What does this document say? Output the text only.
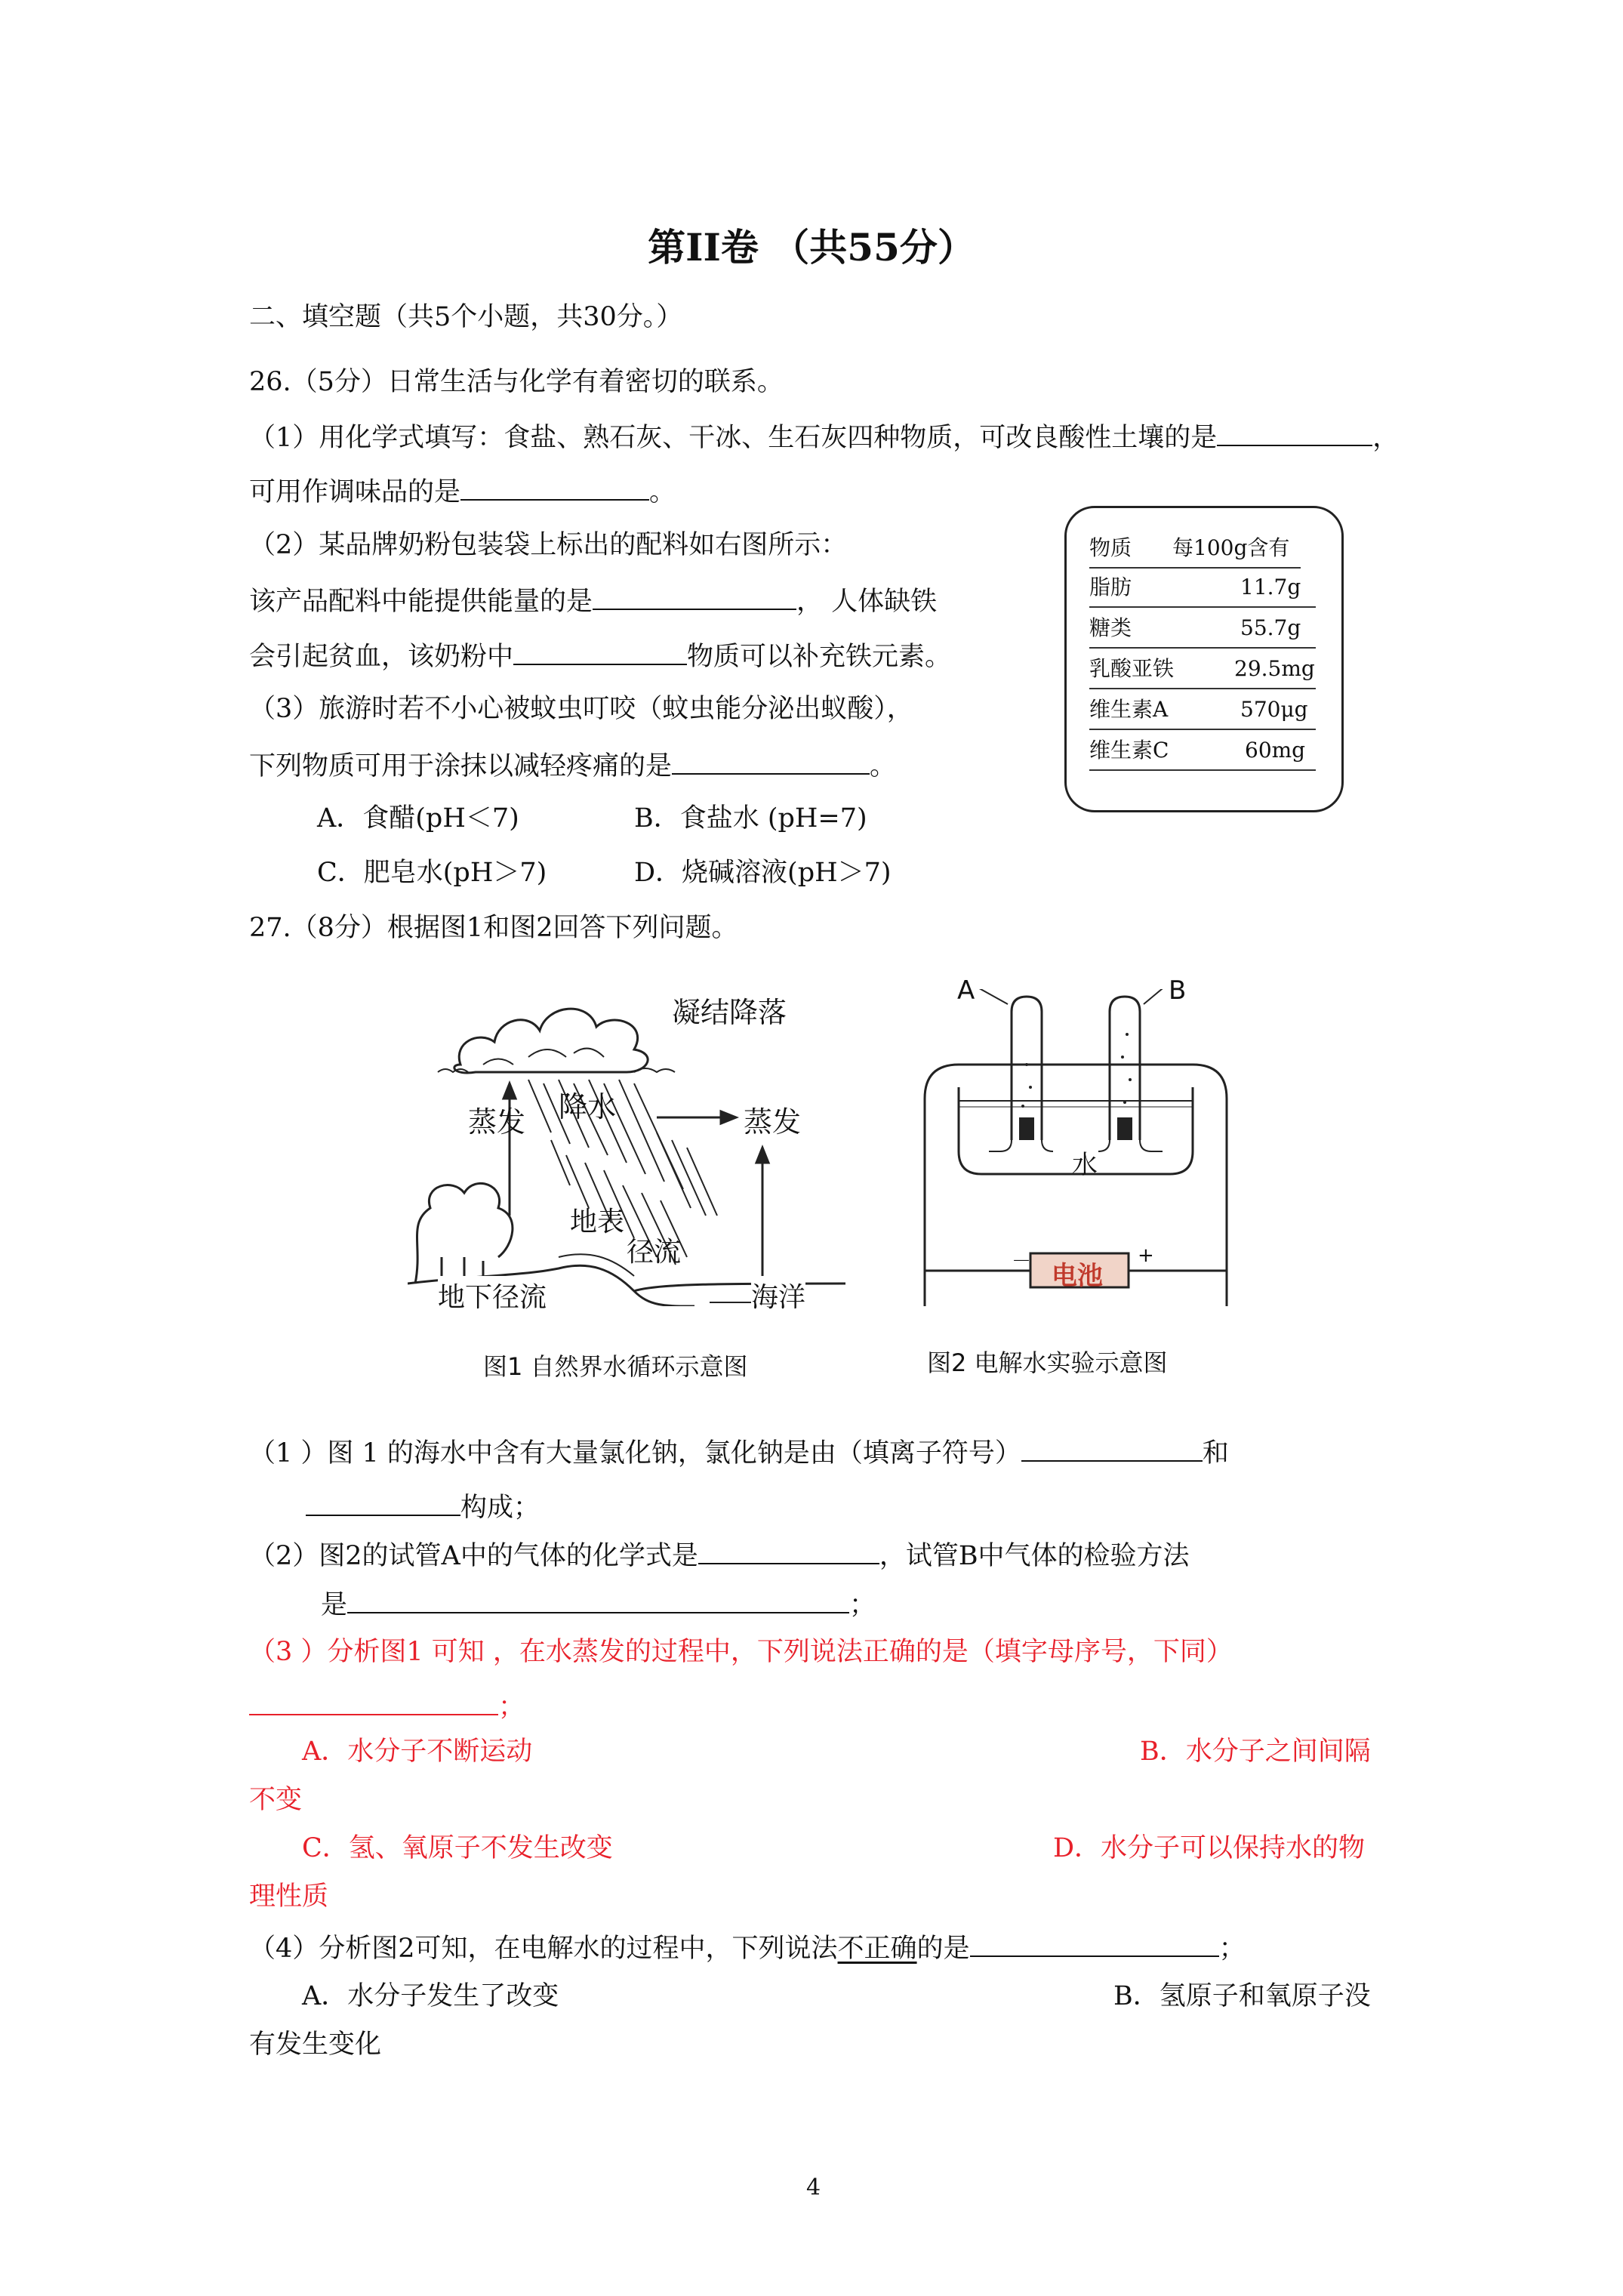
第II卷 （共55分）
二、填空题（共5个小题，共30分。）
26.（5分）日常生活与化学有着密切的联系。
（1）用化学式填写：食盐、熟石灰、干冰、生石灰四种物质，可改良酸性土壤的是	，
可用作调味品的是	。
（2）某品牌奶粉包装袋上标出的配料如右图所示：
该产品配料中能提供能量的是	， 人体缺铁
会引起贫血，该奶粉中	物质可以补充铁元素。
（3）旅游时若不小心被蚊虫叮咬（蚊虫能分泌出蚁酸），
下列物质可用于涂抹以减轻疼痛的是	。
A．食醋(pH＜7)	B．食盐水 (pH=7)
C．肥皂水(pH＞7)	D．烧碱溶液(pH＞7)
物质 每100g含有
脂肪	11.7g
糖类	55.7g
乳酸亚铁	29.5mg
维生素A	570μg
维生素C	60mg
27.（8分）根据图1和图2回答下列问题。
凝结降落
蒸发 降水	蒸发
地表
径流
地下径流	海洋
图1 自然界水循环示意图
水
电池
－	+
A	B
图2 电解水实验示意图
（1 ）图 1 的海水中含有大量氯化钠，氯化钠是由（填离子符号）	和
构成；
（2）图2的试管A中的气体的化学式是	，试管B中气体的检验方法
是	；
（3 ）分析图1 可知 ，在水蒸发的过程中，下列说法正确的是（填字母序号，下同）
；
A．水分子不断运动	B．水分子之间间隔
不变
C．氢、氧原子不发生改变	D．水分子可以保持水的物
理性质
（4）分析图2可知，在电解水的过程中，下列说法不正确的是	；
A．水分子发生了改变	B．氢原子和氧原子没
有发生变化
4
